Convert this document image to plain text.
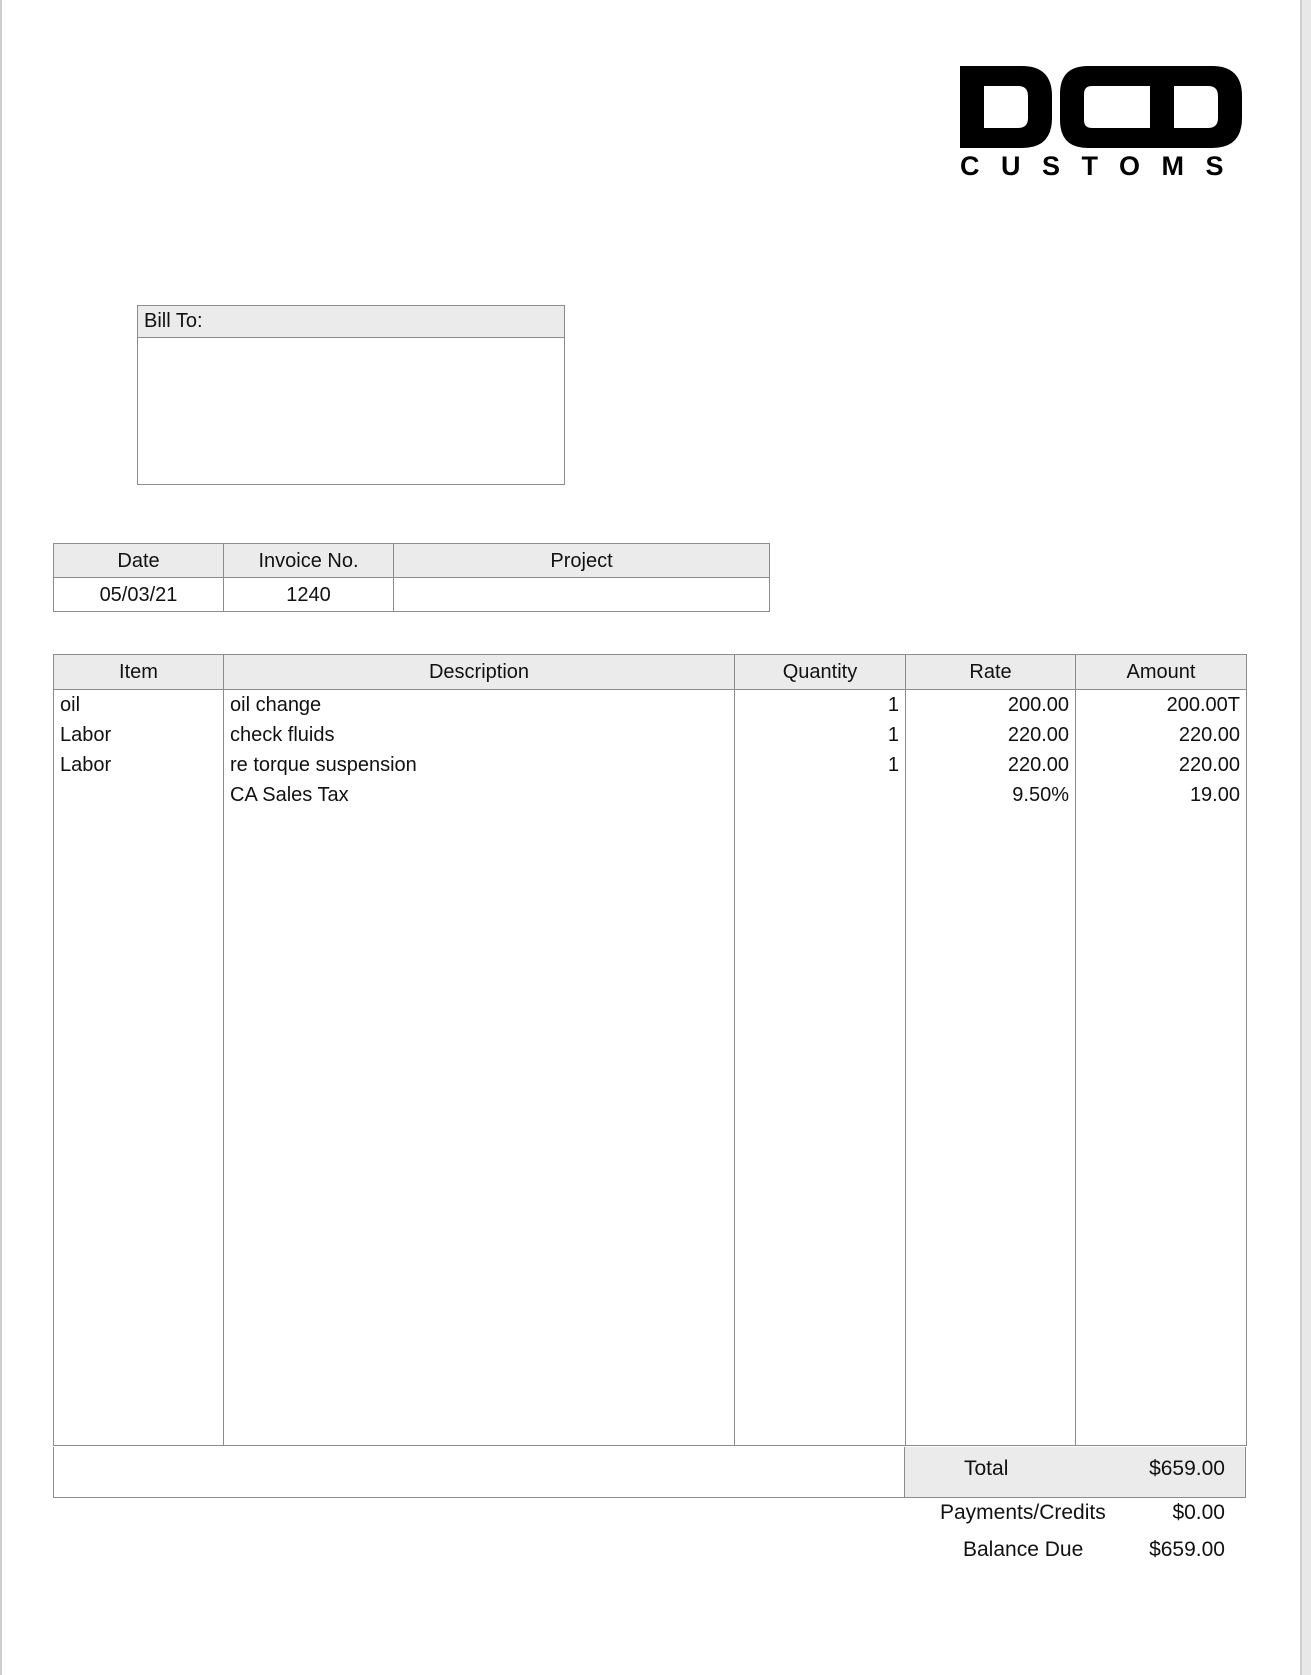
CUSTOMS
Bill To:
Date	Invoice No.	Project
05/03/21	1240	
Item	Description	Quantity	Rate	Amount
oil	oil change	1	200.00	200.00T
Labor	check fluids	1	220.00	220.00
Labor	re torque suspension	1	220.00	220.00
	CA Sales Tax		9.50%	19.00

Total	$659.00
Payments/Credits	$0.00
Balance Due	$659.00
